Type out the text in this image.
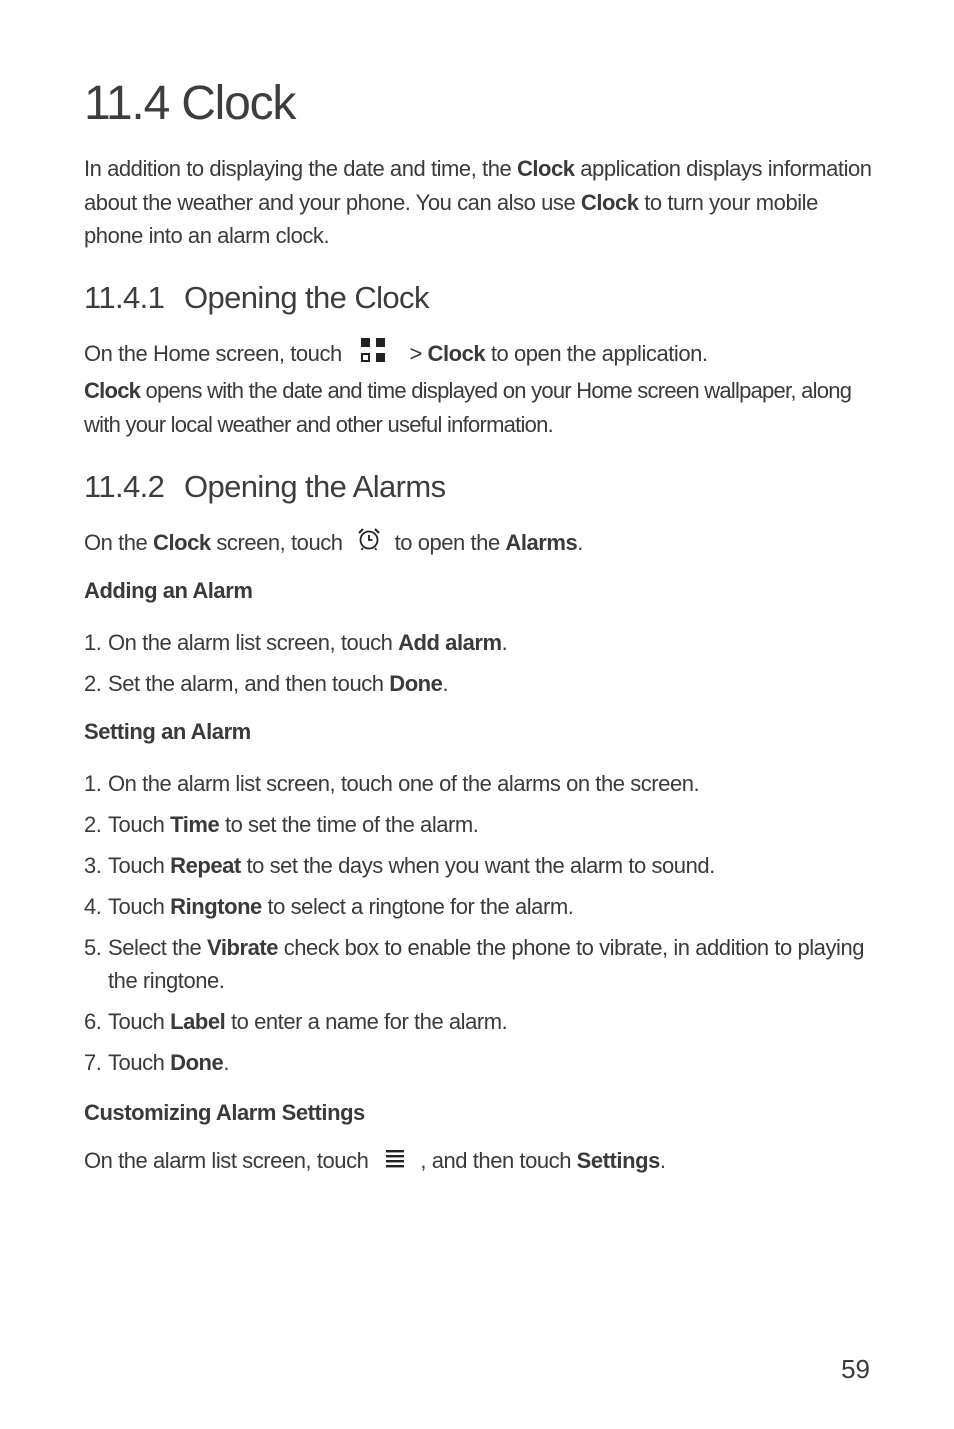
11.4 Clock

In addition to displaying the date and time, the Clock application displays information about the weather and your phone. You can also use Clock to turn your mobile phone into an alarm clock.

11.4.1 Opening the Clock

On the Home screen, touch	> Clock to open the application.

Clock opens with the date and time displayed on your Home screen wallpaper, along with your local weather and other useful information.

11.4.2 Opening the Alarms

On the Clock screen, touch to open the Alarms.

Adding an Alarm
1. On the alarm list screen, touch Add alarm.
2. Set the alarm, and then touch Done.
Setting an Alarm
1. On the alarm list screen, touch one of the alarms on the screen.
2. Touch Time to set the time of the alarm.
3. Touch Repeat to set the days when you want the alarm to sound.
4. Touch Ringtone to select a ringtone for the alarm.
5. Select the Vibrate check box to enable the phone to vibrate, in addition to playing the ringtone.
6. Touch Label to enter a name for the alarm.
7. Touch Done.
Customizing Alarm Settings

On the alarm list screen, touch , and then touch Settings.

59
